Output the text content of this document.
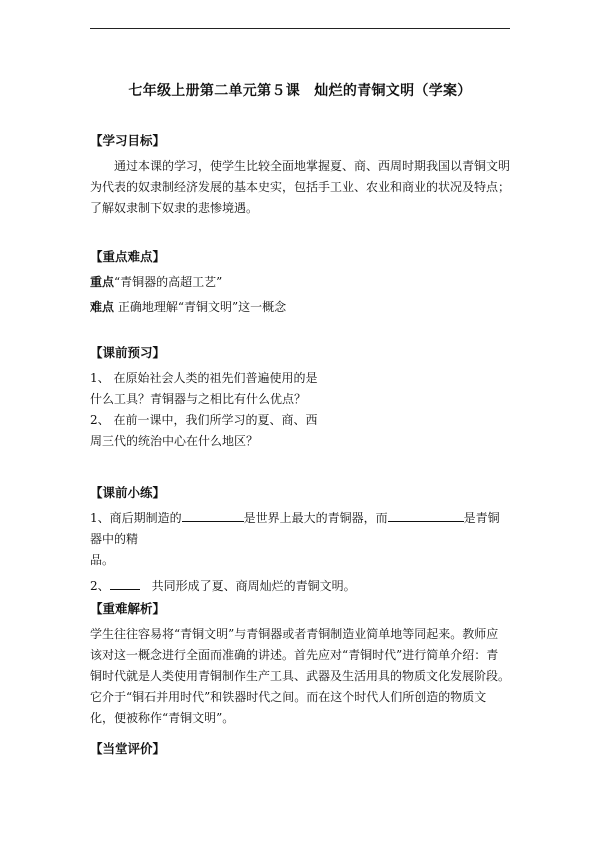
七年级上册第二单元第５课　灿烂的青铜文明（学案）
【学习目标】

通过本课的学习，使学生比较全面地掌握夏、商、西周时期我国以青铜文明为代表的奴隶制经济发展的基本史实，包括手工业、农业和商业的状况及特点；了解奴隶制下奴隶的悲惨境遇。

【重点难点】

重点“青铜器的高超工艺”

难点 正确地理解“青铜文明”这一概念

【课前预习】

1、 在原始社会人类的祖先们普遍使用的是

什么工具？青铜器与之相比有什么优点？

2、 在前一课中，我们所学习的夏、商、西

周三代的统治中心在什么地区？

【课前小练】

1、商后期制造的	是世界上最大的青铜器，而	是青铜器中的精

品。

2、	　共同形成了夏、商周灿烂的青铜文明。

【重难解析】

学生往往容易将“青铜文明”与青铜器或者青铜制造业简单地等同起来。教师应该对这一概念进行全面而准确的讲述。首先应对“青铜时代”进行简单介绍：青铜时代就是人类使用青铜制作生产工具、武器及生活用具的物质文化发展阶段。它介于“铜石并用时代”和铁器时代之间。而在这个时代人们所创造的物质文化，便被称作“青铜文明”。

【当堂评价】
